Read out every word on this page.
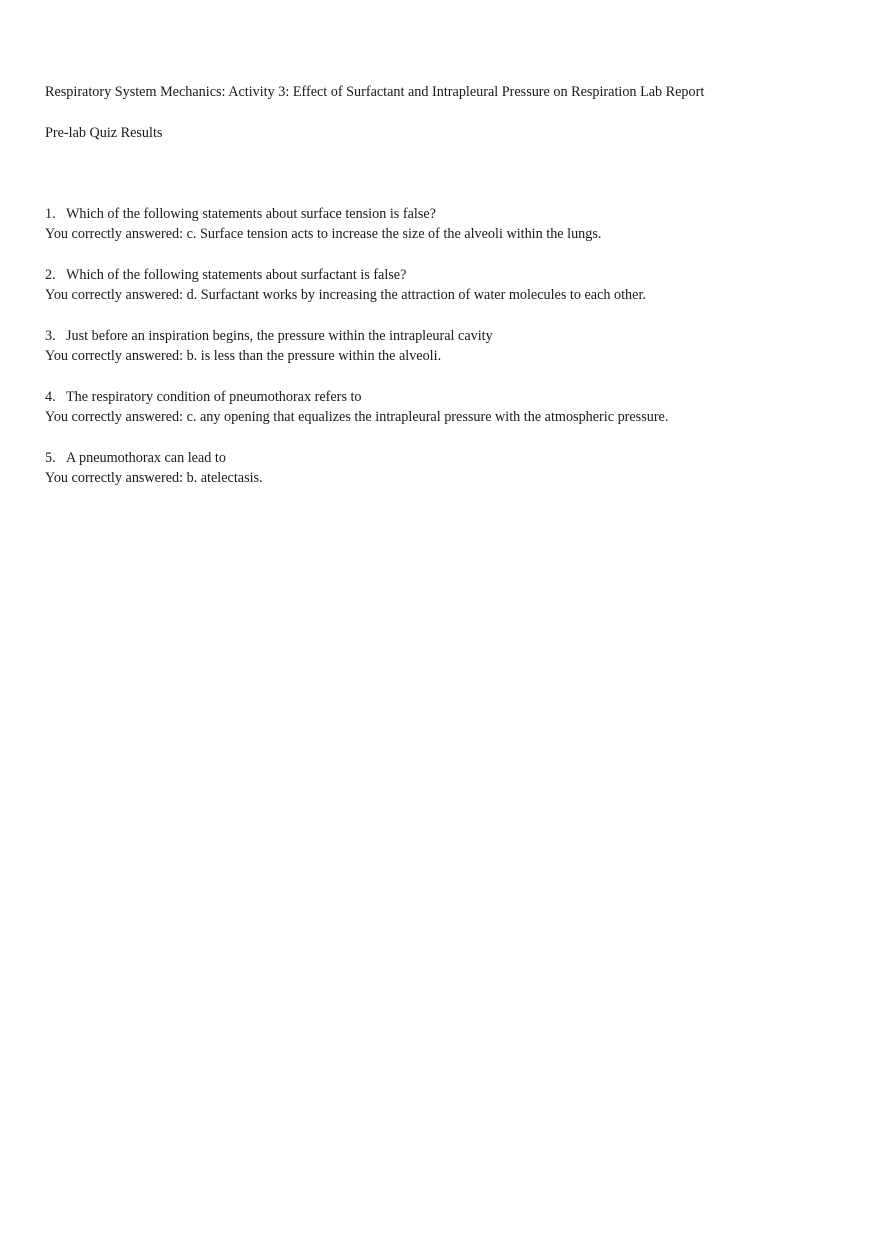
Respiratory System Mechanics: Activity 3: Effect of Surfactant and Intrapleural Pressure on Respiration Lab Report
Pre-lab Quiz Results
1. Which of the following statements about surface tension is false?
You correctly answered: c. Surface tension acts to increase the size of the alveoli within the lungs.
2. Which of the following statements about surfactant is false?
You correctly answered: d. Surfactant works by increasing the attraction of water molecules to each other.
3. Just before an inspiration begins, the pressure within the intrapleural cavity
You correctly answered: b. is less than the pressure within the alveoli.
4. The respiratory condition of pneumothorax refers to
You correctly answered: c. any opening that equalizes the intrapleural pressure with the atmospheric pressure.
5. A pneumothorax can lead to
You correctly answered: b. atelectasis.
